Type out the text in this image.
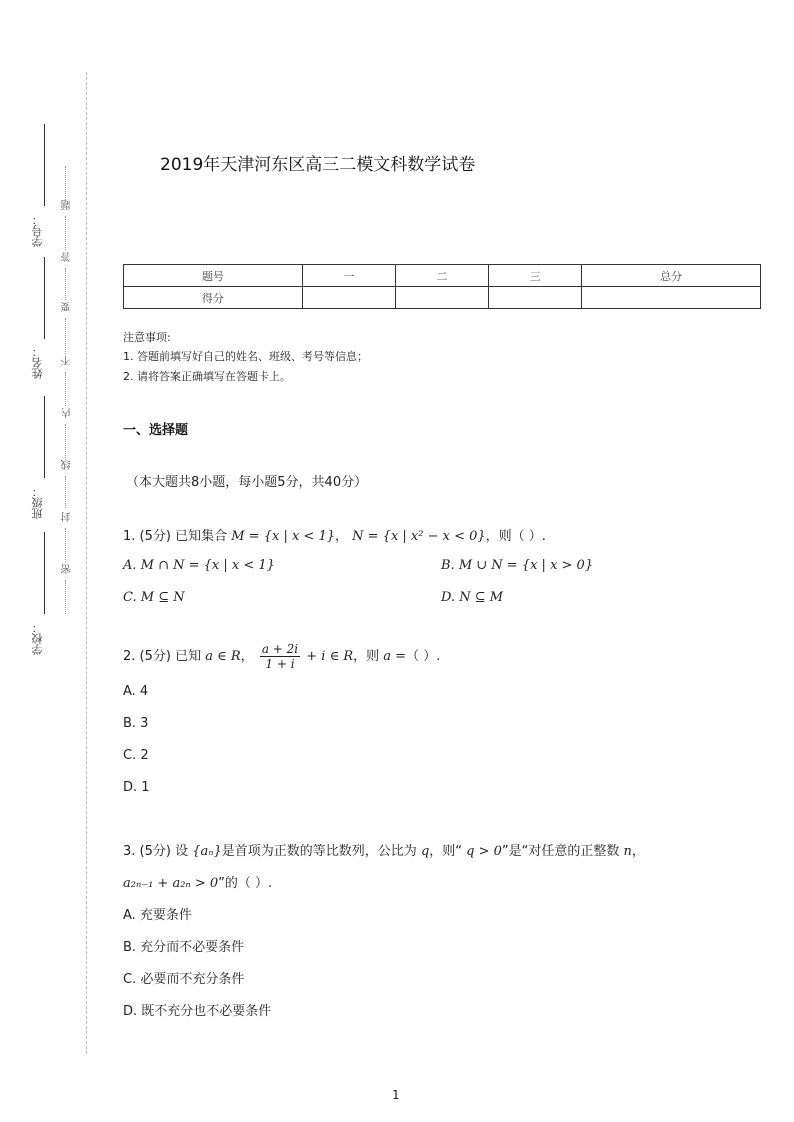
学号：
姓名：
班级：
学校：
题
答
要
不
内
线
封
密
2019年天津河东区高三二模文科数学试卷
题号	一	二	三	总分
得分				
注意事项:
1. 答题前填写好自己的姓名、班级、考号等信息；
2. 请将答案正确填写在答题卡上。
一、选择题
（本大题共8小题，每小题5分，共40分）
1. (5分) 已知集合 M = {x | x < 1}， N = {x | x² − x < 0}，则（ ）.
A. M ∩ N = {x | x < 1}	B. M ∪ N = {x | x > 0}
C. M ⊆ N	D. N ⊆ M
2. (5分) 已知 a ∈ R， $\frac{a + 2i}{1 + i} + i$ ∈ R，则 a =（ ）.
A. 4
B. 3
C. 2
D. 1
3. (5分) 设 {aₙ}是首项为正数的等比数列，公比为 q，则“ q > 0”是“对任意的正整数 n，
a₂ₙ₋₁ + a₂ₙ > 0”的（ ）.
A. 充要条件
B. 充分而不必要条件
C. 必要而不充分条件
D. 既不充分也不必要条件
1
